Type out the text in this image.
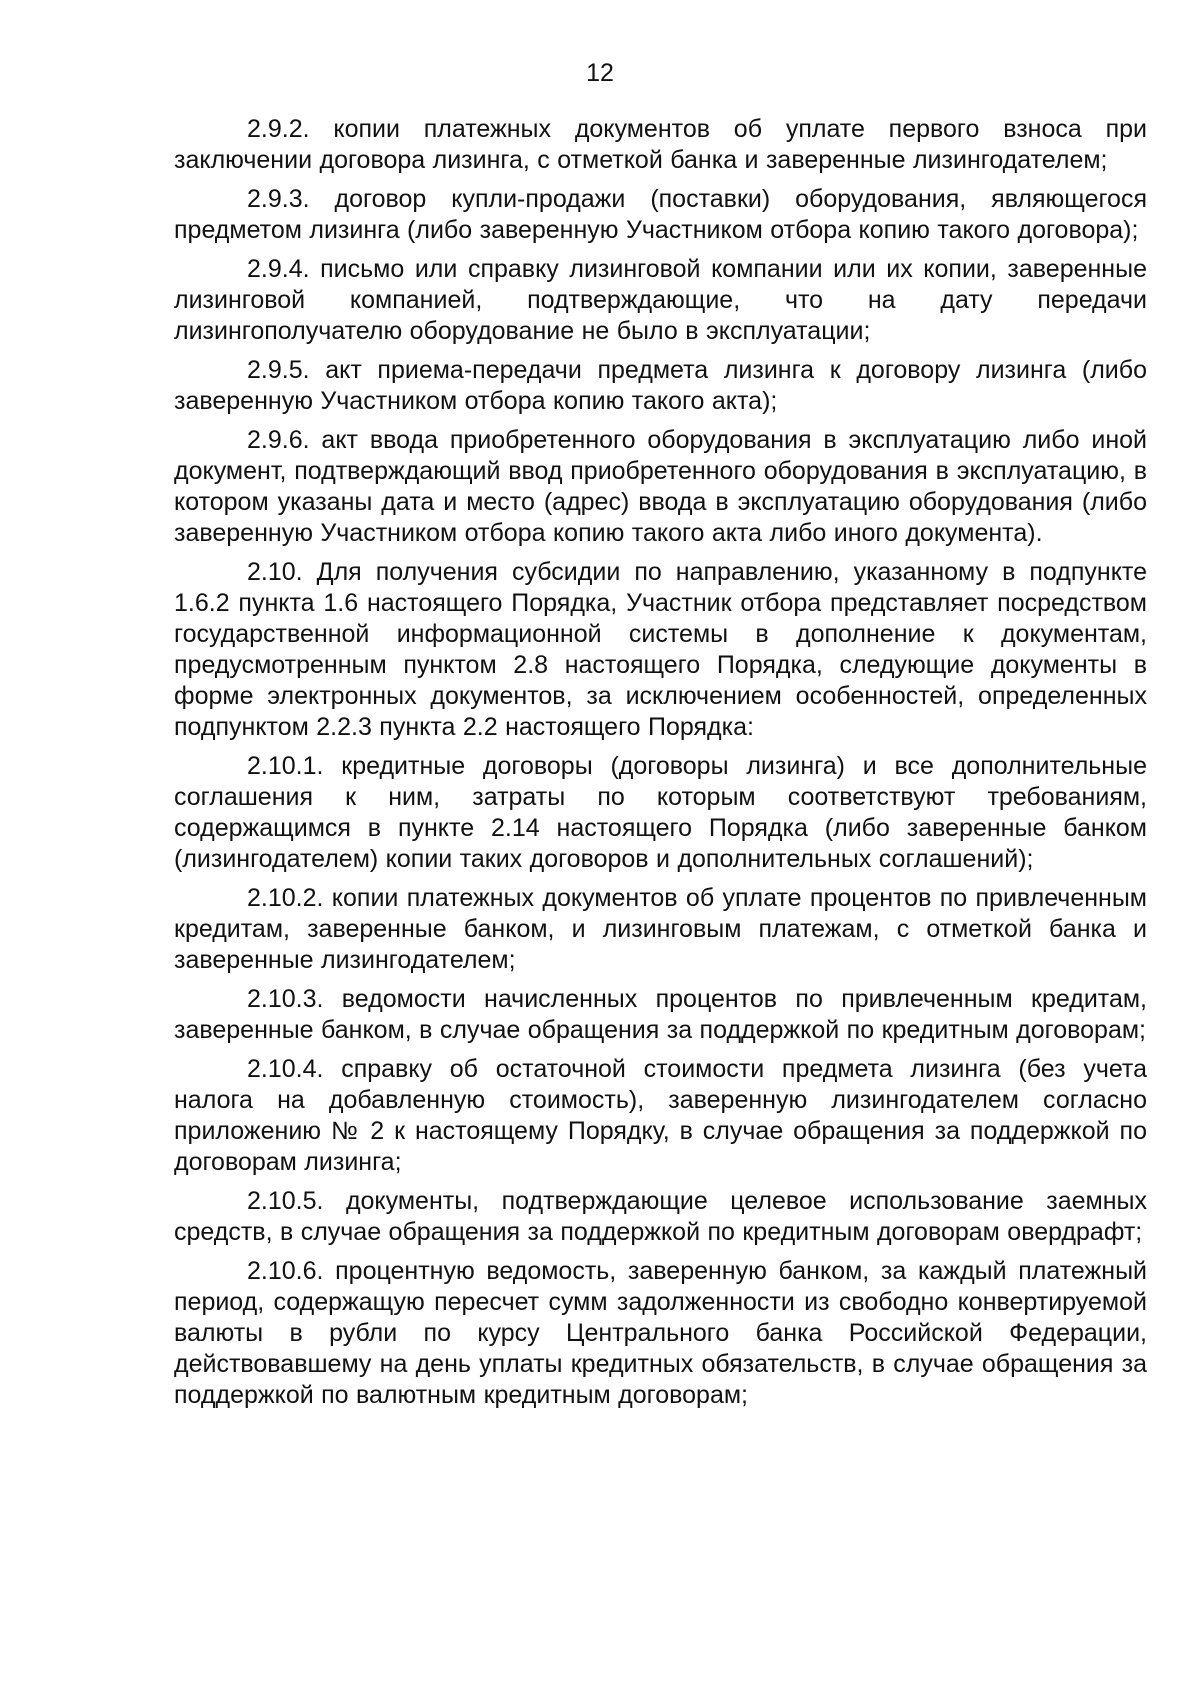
12

2.9.2. копии платежных документов об уплате первого взноса при заключении договора лизинга, с отметкой банка и заверенные лизингодателем;

2.9.3. договор купли-продажи (поставки) оборудования, являющегося предметом лизинга (либо заверенную Участником отбора копию такого договора);

2.9.4. письмо или справку лизинговой компании или их копии, заверенные лизинговой компанией, подтверждающие, что на дату передачи лизингополучателю оборудование не было в эксплуатации;

2.9.5. акт приема-передачи предмета лизинга к договору лизинга (либо заверенную Участником отбора копию такого акта);

2.9.6. акт ввода приобретенного оборудования в эксплуатацию либо иной документ, подтверждающий ввод приобретенного оборудования в эксплуатацию, в котором указаны дата и место (адрес) ввода в эксплуатацию оборудования (либо заверенную Участником отбора копию такого акта либо иного документа).

2.10. Для получения субсидии по направлению, указанному в подпункте 1.6.2 пункта 1.6 настоящего Порядка, Участник отбора представляет посредством государственной информационной системы в дополнение к документам, предусмотренным пунктом 2.8 настоящего Порядка, следующие документы в форме электронных документов, за исключением особенностей, определенных подпунктом 2.2.3 пункта 2.2 настоящего Порядка:

2.10.1. кредитные договоры (договоры лизинга) и все дополнительные соглашения к ним, затраты по которым соответствуют требованиям, содержащимся в пункте 2.14 настоящего Порядка (либо заверенные банком (лизингодателем) копии таких договоров и дополнительных соглашений);

2.10.2. копии платежных документов об уплате процентов по привлеченным кредитам, заверенные банком, и лизинговым платежам, с отметкой банка и заверенные лизингодателем;

2.10.3. ведомости начисленных процентов по привлеченным кредитам, заверенные банком, в случае обращения за поддержкой по кредитным договорам;

2.10.4. справку об остаточной стоимости предмета лизинга (без учета налога на добавленную стоимость), заверенную лизингодателем согласно приложению № 2 к настоящему Порядку, в случае обращения за поддержкой по договорам лизинга;

2.10.5. документы, подтверждающие целевое использование заемных средств, в случае обращения за поддержкой по кредитным договорам овердрафт;

2.10.6. процентную ведомость, заверенную банком, за каждый платежный период, содержащую пересчет сумм задолженности из свободно конвертируемой валюты в рубли по курсу Центрального банка Российской Федерации, действовавшему на день уплаты кредитных обязательств, в случае обращения за поддержкой по валютным кредитным договорам;
